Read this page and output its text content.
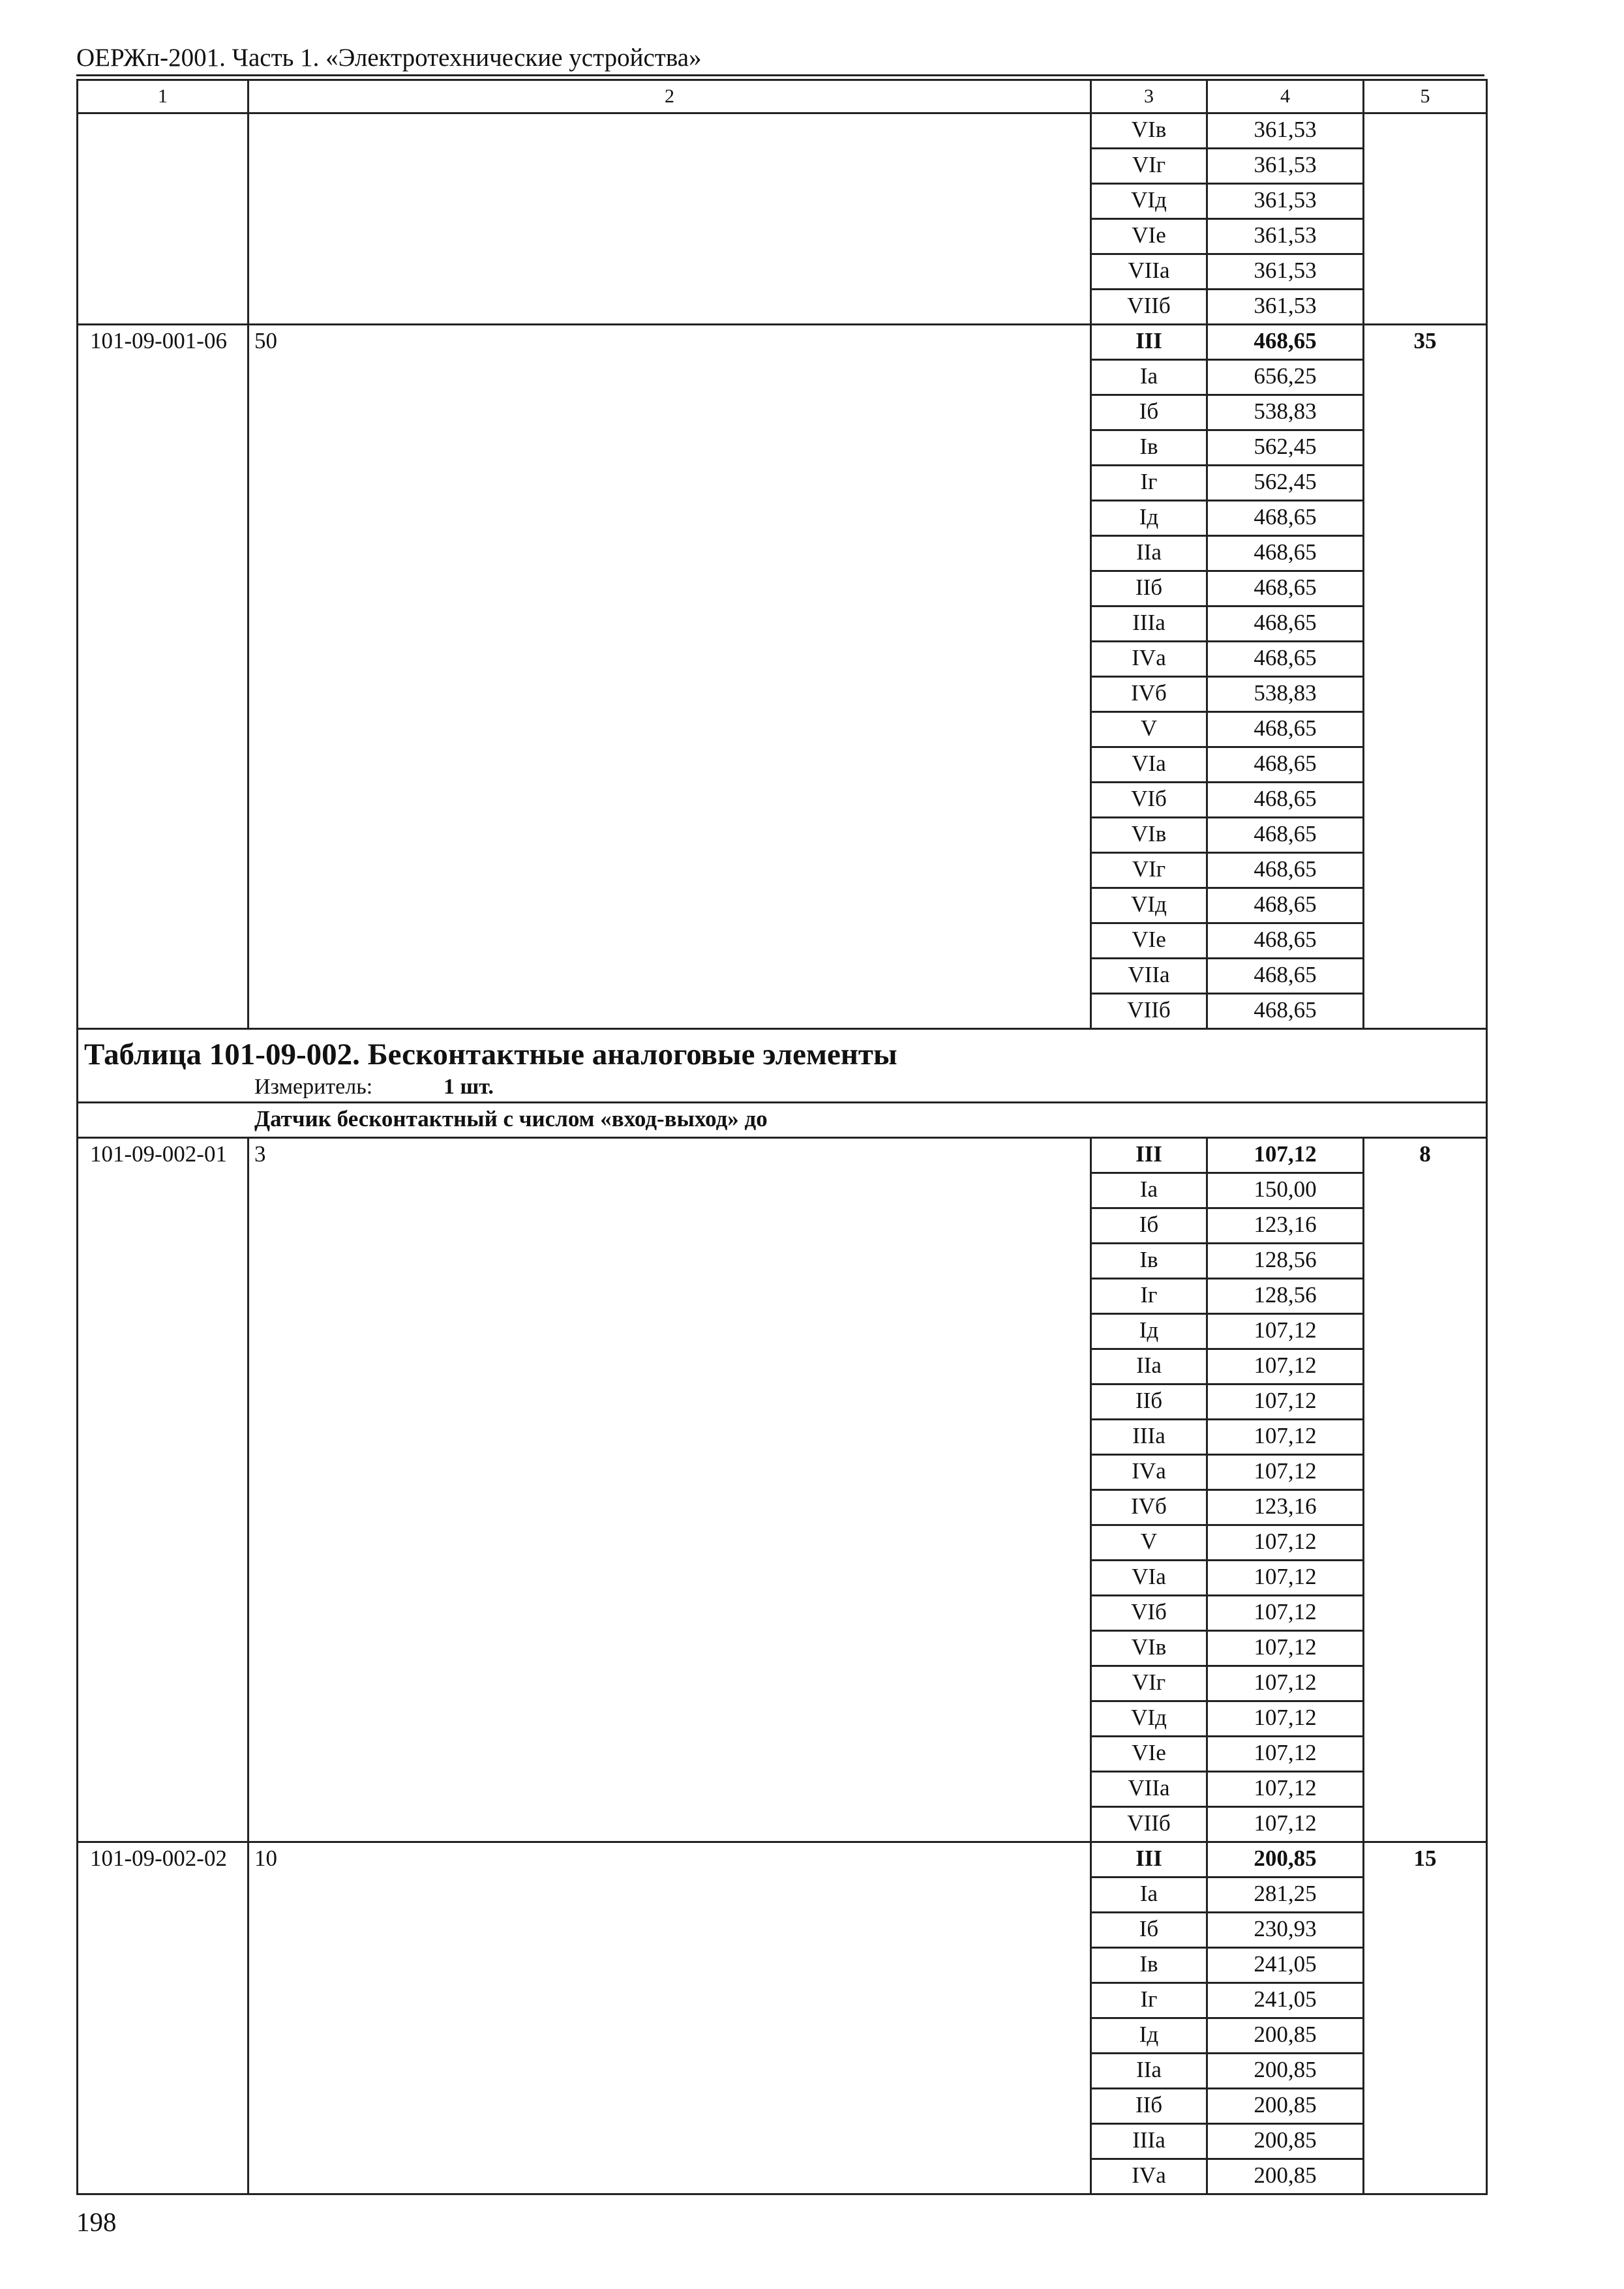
ОЕРЖп-2001. Часть 1. «Электротехнические устройства»
1	2	3	4	5
		VIв	361,53	
		VIг	361,53	
		VIд	361,53	
		VIе	361,53	
		VIIа	361,53	
		VIIб	361,53	
101-09-001-06	50	III	468,65	35
		Iа	656,25	
		Iб	538,83	
		Iв	562,45	
		Iг	562,45	
		Iд	468,65	
		IIа	468,65	
		IIб	468,65	
		IIIа	468,65	
		IVа	468,65	
		IVб	538,83	
		V	468,65	
		VIа	468,65	
		VIб	468,65	
		VIв	468,65	
		VIг	468,65	
		VIд	468,65	
		VIе	468,65	
		VIIа	468,65	
		VIIб	468,65	

Таблица 101-09-002. Бесконтактные аналоговые элементы
Измеритель: 1 шт.				

Датчик бесконтактный с числом «вход-выход» до				
101-09-002-01	3	III	107,12	8
		Iа	150,00	
		Iб	123,16	
		Iв	128,56	
		Iг	128,56	
		Iд	107,12	
		IIа	107,12	
		IIб	107,12	
		IIIа	107,12	
		IVа	107,12	
		IVб	123,16	
		V	107,12	
		VIа	107,12	
		VIб	107,12	
		VIв	107,12	
		VIг	107,12	
		VIд	107,12	
		VIе	107,12	
		VIIа	107,12	
		VIIб	107,12	
101-09-002-02	10	III	200,85	15
		Iа	281,25	
		Iб	230,93	
		Iв	241,05	
		Iг	241,05	
		Iд	200,85	
		IIа	200,85	
		IIб	200,85	
		IIIа	200,85	
		IVа	200,85	
198
